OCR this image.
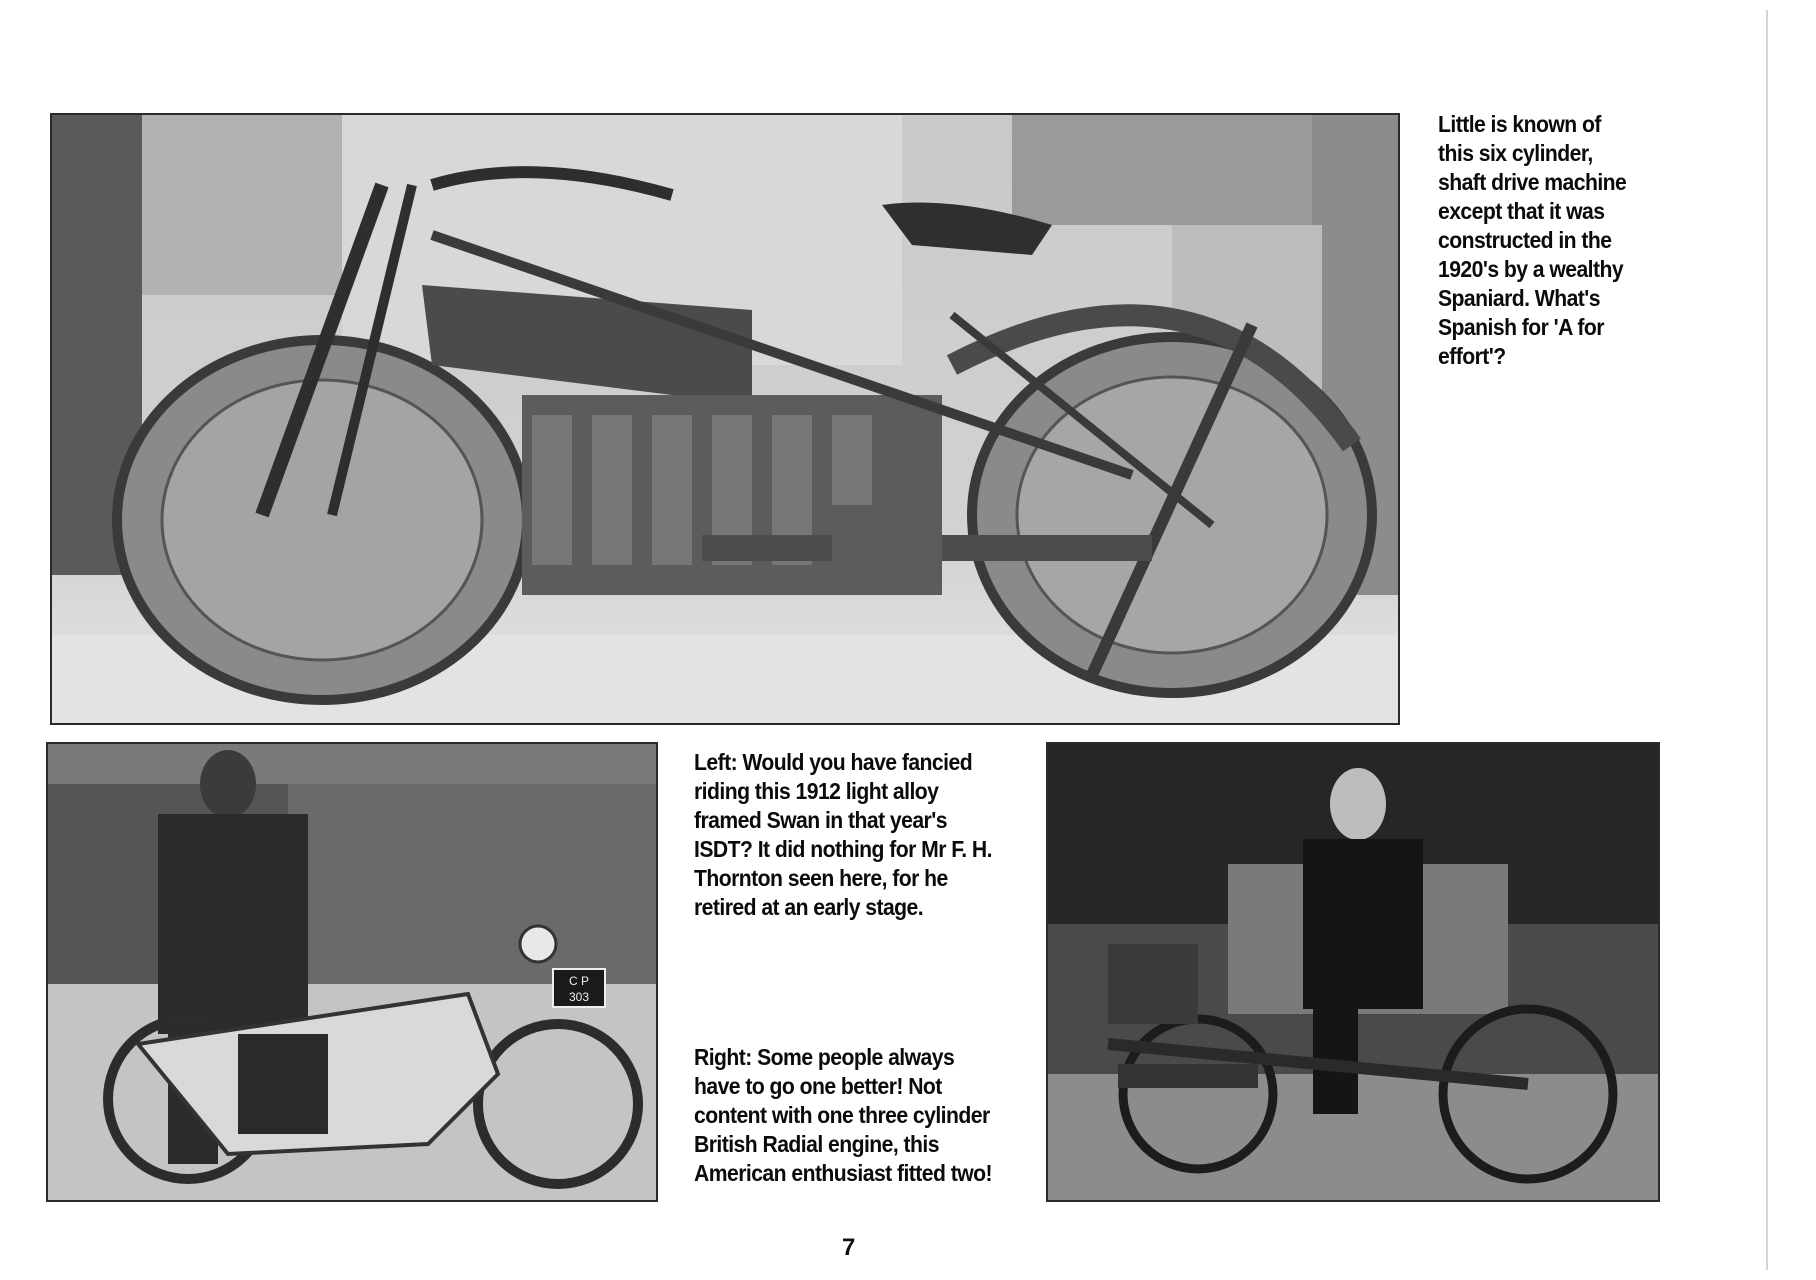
Little is known of this six cylinder, shaft drive machine except that it was constructed in the 1920's by a wealthy Spaniard. What's Spanish for 'A for effort'?
C P
303
Left: Would you have fancied riding this 1912 light alloy framed Swan in that year's ISDT? It did nothing for Mr F. H. Thornton seen here, for he retired at an early stage.
Right: Some people always have to go one better! Not content with one three cylinder British Radial engine, this American enthusiast fitted two!
7
